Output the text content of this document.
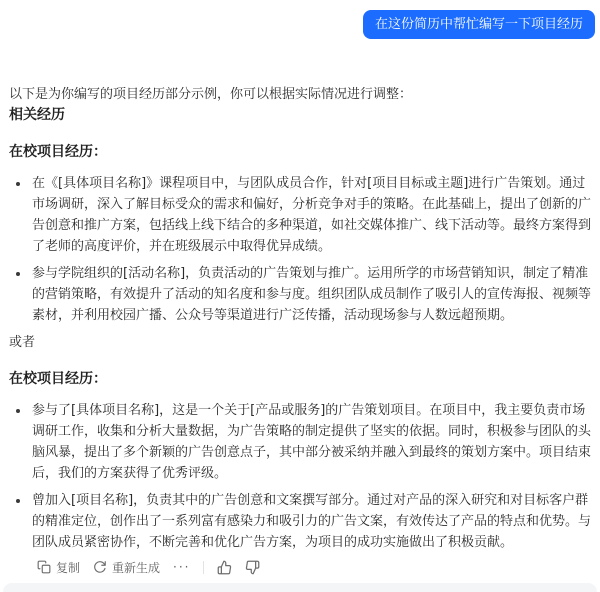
在这份简历中帮忙编写一下项目经历

以下是为你编写的项目经历部分示例，你可以根据实际情况进行调整：

相关经历
在校项目经历：
在《[具体项目名称]》课程项目中，与团队成员合作，针对[项目目标或主题]进行广告策划。通过市场调研，深入了解目标受众的需求和偏好，分析竞争对手的策略。在此基础上，提出了创新的广告创意和推广方案，包括线上线下结合的多种渠道，如社交媒体推广、线下活动等。最终方案得到了老师的高度评价，并在班级展示中取得优异成绩。
参与学院组织的[活动名称]，负责活动的广告策划与推广。运用所学的市场营销知识，制定了精准的营销策略，有效提升了活动的知名度和参与度。组织团队成员制作了吸引人的宣传海报、视频等素材，并利用校园广播、公众号等渠道进行广泛传播，活动现场参与人数远超预期。

或者

在校项目经历：
参与了[具体项目名称]，这是一个关于[产品或服务]的广告策划项目。在项目中，我主要负责市场调研工作，收集和分析大量数据，为广告策略的制定提供了坚实的依据。同时，积极参与团队的头脑风暴，提出了多个新颖的广告创意点子，其中部分被采纳并融入到最终的策划方案中。项目结束后，我们的方案获得了优秀评级。
曾加入[项目名称]，负责其中的广告创意和文案撰写部分。通过对产品的深入研究和对目标客户群的精准定位，创作出了一系列富有感染力和吸引力的广告文案，有效传达了产品的特点和优势。与团队成员紧密协作，不断完善和优化广告方案，为项目的成功实施做出了积极贡献。
复制	重新生成 ···
